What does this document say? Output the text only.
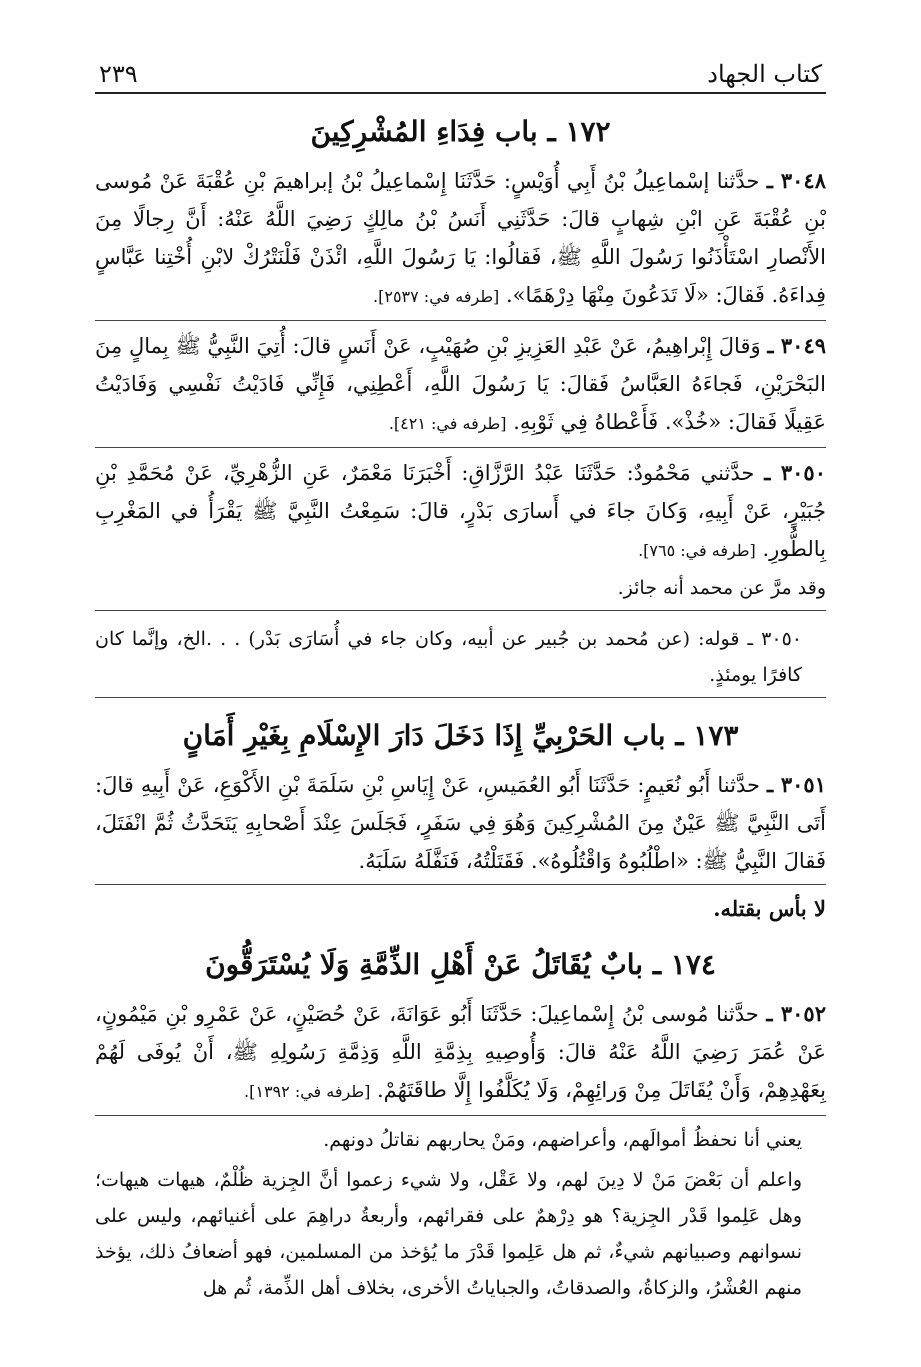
كتاب الجهاد
٢٣٩
١٧٢ ـ باب فِدَاءِ المُشْرِكِينَ

٣٠٤٨ ـ حدَّثنا إسْماعِيلُ بْنُ أَبِي أُوَيْسٍ: حَدَّثَنَا إِسْماعِيلُ بْنُ إبراهيمَ بْنِ عُقْبَةَ عَنْ مُوسى بْنِ عُقْبَةَ عَنِ ابْنِ شِهابٍ قالَ: حَدَّثَنِي أَنَسُ بْنُ مالِكٍ رَضِيَ اللَّهُ عَنْهُ: أَنَّ رِجالًا مِنَ الأَنْصارِ اسْتَأْذَنُوا رَسُولَ اللَّهِ ﷺ، فَقالُوا: يَا رَسُولَ اللَّهِ، ائْذَنْ فَلْنَتْرُكْ لابْنِ أُخْتِنا عَبَّاسٍ فِداءَهُ. فَقالَ: «لَا تَدَعُونَ مِنْهَا دِرْهَمًا». [طرفه في: ٢٥٣٧].

٣٠٤٩ ـ وَقالَ إِبْراهِيمُ، عَنْ عَبْدِ العَزِيزِ بْنِ صُهَيْبٍ، عَنْ أَنَسٍ قالَ: أُتِيَ النَّبِيُّ ﷺ بِمالٍ مِنَ البَحْرَيْنِ، فَجاءَهُ العَبَّاسُ فَقالَ: يَا رَسُولَ اللَّهِ، أَعْطِنِي، فَإِنِّي فَادَيْتُ نَفْسِي وَفَادَيْتُ عَقِيلًا فَقالَ: «خُذْ». فَأَعْطاهُ فِي ثَوْبِهِ. [طرفه في: ٤٢١].

٣٠٥٠ ـ حدَّثني مَحْمُودٌ: حَدَّثَنَا عَبْدُ الرَّزَّاقِ: أَخْبَرَنَا مَعْمَرٌ، عَنِ الزُّهْرِيِّ، عَنْ مُحَمَّدِ بْنِ جُبَيْرٍ، عَنْ أَبِيهِ، وَكانَ جاءَ في أَسارَى بَدْرٍ، قالَ: سَمِعْتُ النَّبِيَّ ﷺ يَقْرَأُ في المَغْرِبِ بِالطُّورِ. [طرفه في: ٧٦٥].

وقد مرَّ عن محمد أنه جائز.

٣٠٥٠ ـ قوله: (عن مُحمد بن جُبير عن أبيه، وكان جاء في أُسَارَى بَدْر) . . .الخ، وإنَّما كان كافرًا يومئذٍ.

١٧٣ ـ باب الحَرْبِيِّ إِذَا دَخَلَ دَارَ الإِسْلَامِ بِغَيْرِ أَمَانٍ

٣٠٥١ ـ حدَّثنا أَبُو نُعَيمٍ: حَدَّثَنَا أَبُو العُمَيسِ، عَنْ إِيَاسِ بْنِ سَلَمَةَ بْنِ الأَكْوَعِ، عَنْ أَبِيهِ قالَ: أَتَى النَّبِيَّ ﷺ عَيْنٌ مِنَ المُشْرِكِينَ وَهُوَ فِي سَفَرٍ، فَجَلَسَ عِنْدَ أَصْحابِهِ يَتَحَدَّثُ ثُمَّ انْفَتَلَ، فَقالَ النَّبِيُّ ﷺ: «اطْلُبُوهُ وَاقْتُلُوهُ». فَقَتَلْتُهُ، فَنَفَّلَهُ سَلَبَهُ.

لا بأس بقتله.

١٧٤ ـ بابٌ يُقَاتَلُ عَنْ أَهْلِ الذِّمَّةِ وَلَا يُسْتَرَقُّونَ

٣٠٥٢ ـ حدَّثنا مُوسى بْنُ إِسْماعِيلَ: حَدَّثَنَا أَبُو عَوَانَةَ، عَنْ حُصَيْنٍ، عَنْ عَمْرِو بْنِ مَيْمُونٍ، عَنْ عُمَرَ رَضِيَ اللَّهُ عَنْهُ قالَ: وَأُوصِيهِ بِذِمَّةِ اللَّهِ وَذِمَّةِ رَسُولِهِ ﷺ، أَنْ يُوفَى لَهُمْ بِعَهْدِهِمْ، وَأَنْ يُقَاتَلَ مِنْ وَرائِهِمْ، وَلَا يُكَلَّفُوا إِلَّا طاقَتَهُمْ. [طرفه في: ١٣٩٢].

يعني أنا نحفظُ أموالَهم، وأعراضهم، ومَنْ يحاربهم نقاتلُ دونهم.

واعلم أن بَعْضَ مَنْ لا دِينَ لهم، ولا عَقْل، ولا شيء زعموا أنَّ الجِزية ظُلْمٌ، هيهات هيهات؛ وهل عَلِموا قَدْر الجِزية؟ هو دِرْهمٌ على فقرائهم، وأربعةُ دراهِمَ على أغنيائهم، وليس على نسوانهم وصبيانهم شيءٌ، ثم هل عَلِموا قَدْرَ ما يُؤخذ من المسلمين، فهو أضعافُ ذلك، يؤخذ منهم العُشْرُ، والزكاةُ، والصدقاتُ، والجباياتُ الأخرى، بخلاف أهل الذِّمة، ثُم هل
